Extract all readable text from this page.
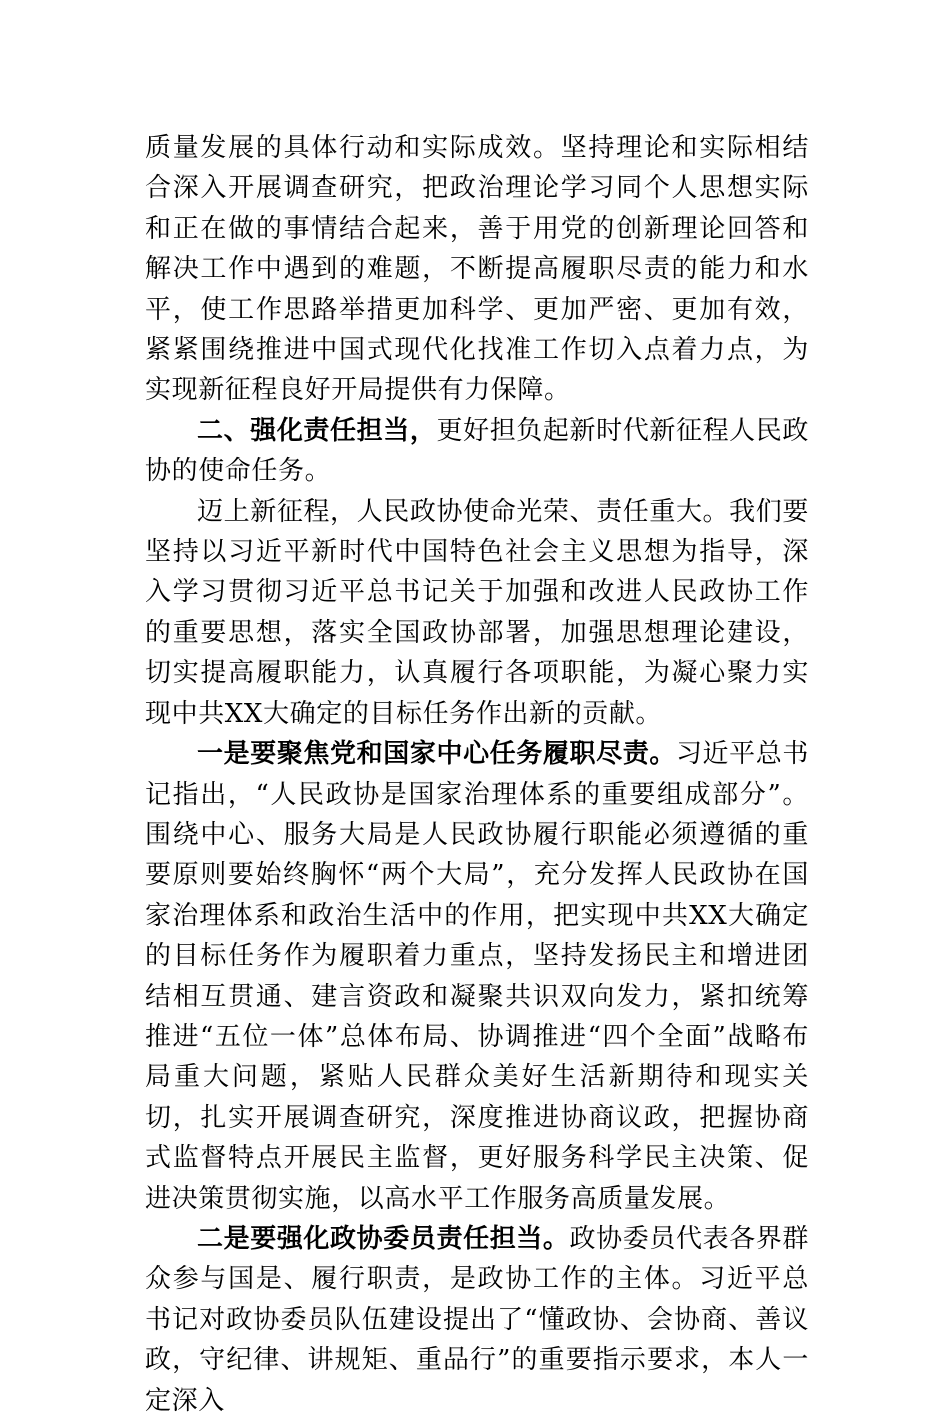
质量发展的具体行动和实际成效。坚持理论和实际相结合深入开展调查研究，把政治理论学习同个人思想实际和正在做的事情结合起来，善于用党的创新理论回答和解决工作中遇到的难题，不断提高履职尽责的能力和水平，使工作思路举措更加科学、更加严密、更加有效，紧紧围绕推进中国式现代化找准工作切入点着力点，为实现新征程良好开局提供有力保障。

二、强化责任担当，更好担负起新时代新征程人民政协的使命任务。

迈上新征程，人民政协使命光荣、责任重大。我们要坚持以习近平新时代中国特色社会主义思想为指导，深入学习贯彻习近平总书记关于加强和改进人民政协工作的重要思想，落实全国政协部署，加强思想理论建设，切实提高履职能力，认真履行各项职能，为凝心聚力实现中共XX大确定的目标任务作出新的贡献。

一是要聚焦党和国家中心任务履职尽责。习近平总书记指出，“人民政协是国家治理体系的重要组成部分”。围绕中心、服务大局是人民政协履行职能必须遵循的重要原则要始终胸怀“两个大局”，充分发挥人民政协在国家治理体系和政治生活中的作用，把实现中共XX大确定的目标任务作为履职着力重点，坚持发扬民主和增进团结相互贯通、建言资政和凝聚共识双向发力，紧扣统筹推进“五位一体”总体布局、协调推进“四个全面”战略布局重大问题，紧贴人民群众美好生活新期待和现实关切，扎实开展调查研究，深度推进协商议政，把握协商式监督特点开展民主监督，更好服务科学民主决策、促进决策贯彻实施，以高水平工作服务高质量发展。

二是要强化政协委员责任担当。政协委员代表各界群众参与国是、履行职责，是政协工作的主体。习近平总书记对政协委员队伍建设提出了“懂政协、会协商、善议政，守纪律、讲规矩、重品行”的重要指示要求，本人一定深入
